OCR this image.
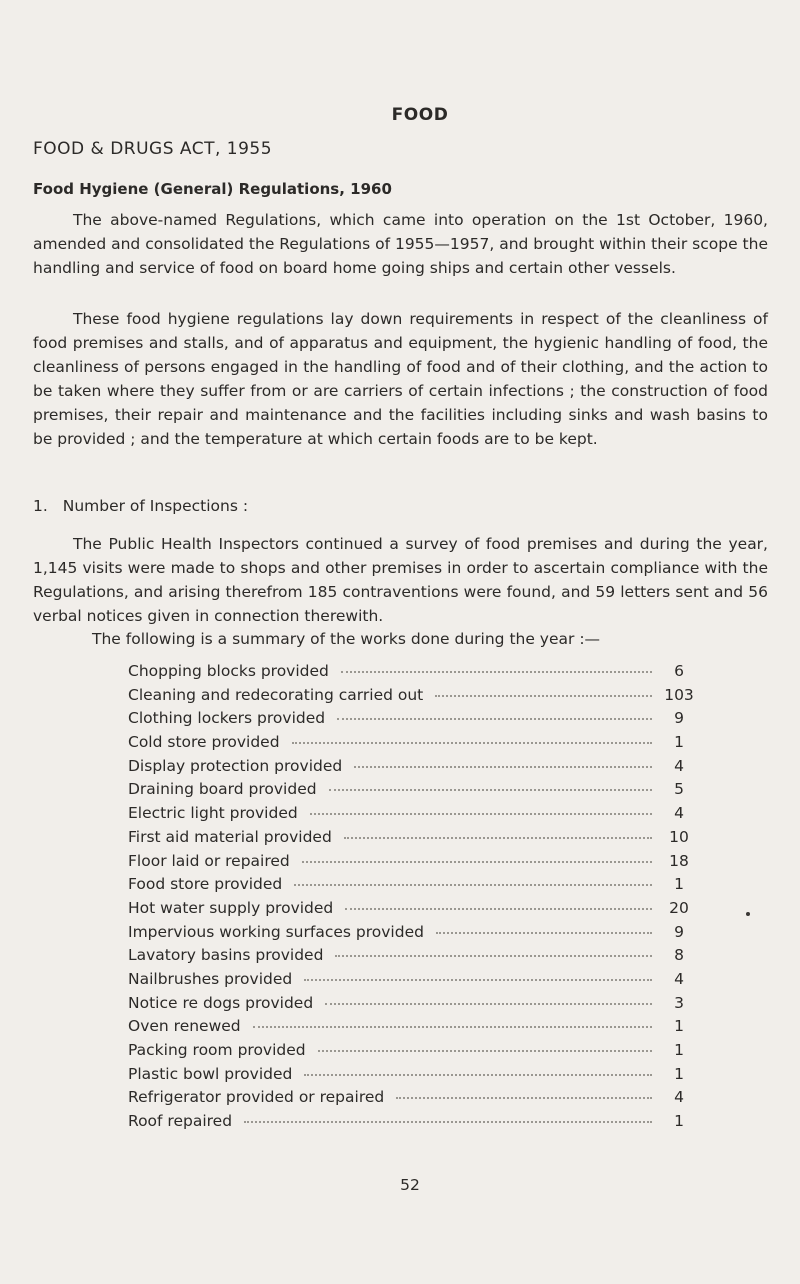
FOOD
FOOD & DRUGS ACT, 1955
Food Hygiene (General) Regulations, 1960

The above-named Regulations, which came into operation on the 1st October, 1960, amended and consolidated the Regulations of 1955—1957, and brought within their scope the handling and service of food on board home going ships and certain other vessels.

These food hygiene regulations lay down requirements in respect of the cleanliness of food premises and stalls, and of apparatus and equipment, the hygienic handling of food, the cleanliness of persons engaged in the handling of food and of their clothing, and the action to be taken where they suffer from or are carriers of certain infections ; the construction of food premises, their repair and maintenance and the facilities including sinks and wash basins to be provided ; and the temperature at which certain foods are to be kept.

1. Number of Inspections :

The Public Health Inspectors continued a survey of food premises and during the year, 1,145 visits were made to shops and other premises in order to ascertain compliance with the Regulations, and arising therefrom 185 contraventions were found, and 59 letters sent and 56 verbal notices given in connection therewith.

The following is a summary of the works done during the year :—
Chopping blocks provided	6
Cleaning and redecorating carried out	103
Clothing lockers provided	9
Cold store provided	1
Display protection provided	4
Draining board provided	5
Electric light provided	4
First aid material provided	10
Floor laid or repaired	18
Food store provided	1
Hot water supply provided	20
Impervious working surfaces provided	9
Lavatory basins provided	8
Nailbrushes provided	4
Notice re dogs provided	3
Oven renewed	1
Packing room provided	1
Plastic bowl provided	1
Refrigerator provided or repaired	4
Roof repaired	1
52
